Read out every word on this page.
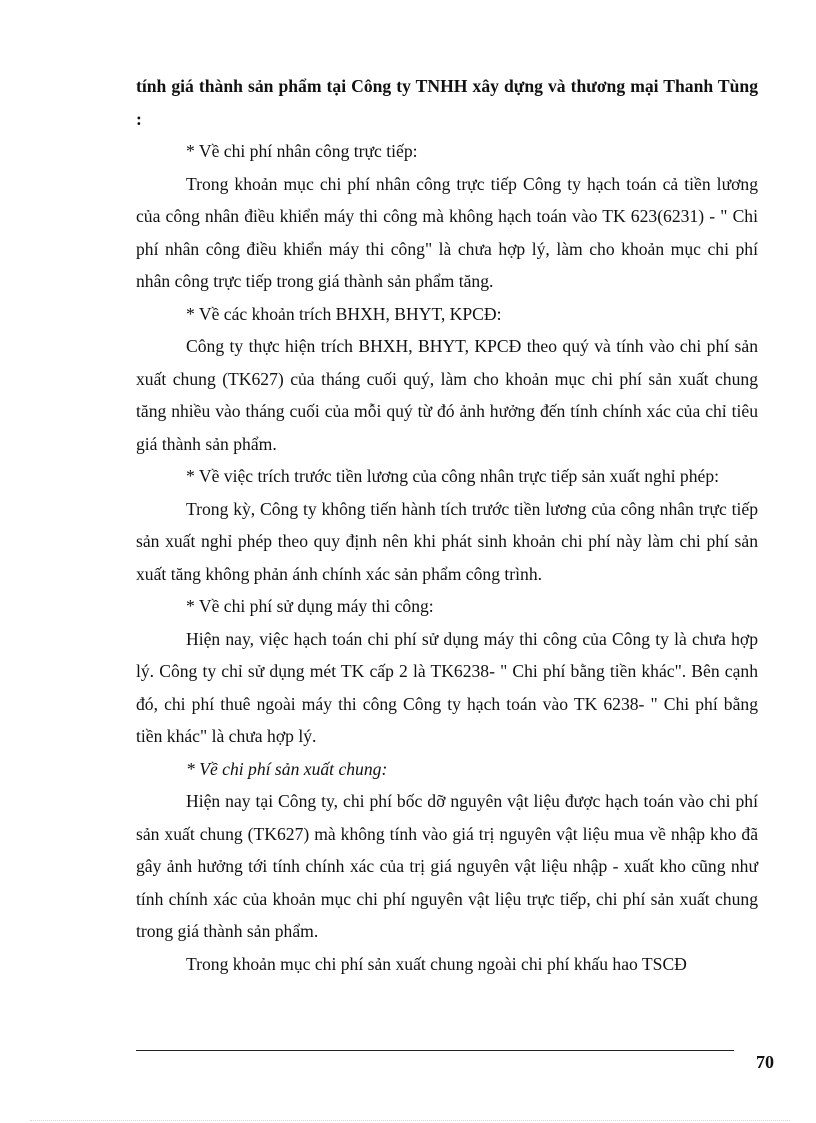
tính giá thành sản phẩm tại Công ty TNHH xây dựng và thương mại Thanh Tùng :

* Về chi phí nhân công trực tiếp:

Trong khoản mục chi phí nhân công trực tiếp Công ty hạch toán cả tiền lương của công nhân điều khiển máy thi công mà không hạch toán vào TK 623(6231) - " Chi phí nhân công điều khiển máy thi công" là chưa hợp lý, làm cho khoản mục chi phí nhân công trực tiếp trong giá thành sản phẩm tăng.

* Về các khoản trích BHXH, BHYT, KPCĐ:

Công ty thực hiện trích BHXH, BHYT, KPCĐ theo quý và tính vào chi phí sản xuất chung (TK627) của tháng cuối quý, làm cho khoản mục chi phí sản xuất chung tăng nhiều vào tháng cuối của mỗi quý từ đó ảnh hưởng đến tính chính xác của chỉ tiêu giá thành sản phẩm.

* Về việc trích trước tiền lương của công nhân trực tiếp sản xuất nghỉ phép:

Trong kỳ, Công ty không tiến hành tích trước tiền lương của công nhân trực tiếp sản xuất nghỉ phép theo quy định nên khi phát sinh khoản chi phí này làm chi phí sản xuất tăng không phản ánh chính xác sản phẩm công trình.

* Về chi phí sử dụng máy thi công:

Hiện nay, việc hạch toán chi phí sử dụng máy thi công của Công ty là chưa hợp lý. Công ty chỉ sử dụng mét TK cấp 2 là TK6238- " Chi phí bằng tiền khác". Bên cạnh đó, chi phí thuê ngoài máy thi công Công ty hạch toán vào TK 6238- " Chi phí bằng tiền khác" là chưa hợp lý.

* Về chi phí sản xuất chung:

Hiện nay tại Công ty, chi phí bốc dỡ nguyên vật liệu được hạch toán vào chi phí sản xuất chung (TK627) mà không tính vào giá trị nguyên vật liệu mua về nhập kho đã gây ảnh hưởng tới tính chính xác của trị giá nguyên vật liệu nhập - xuất kho cũng như tính chính xác của khoản mục chi phí nguyên vật liệu trực tiếp, chi phí sản xuất chung trong giá thành sản phẩm.

Trong khoản mục chi phí sản xuất chung ngoài chi phí khấu hao TSCĐ

70
